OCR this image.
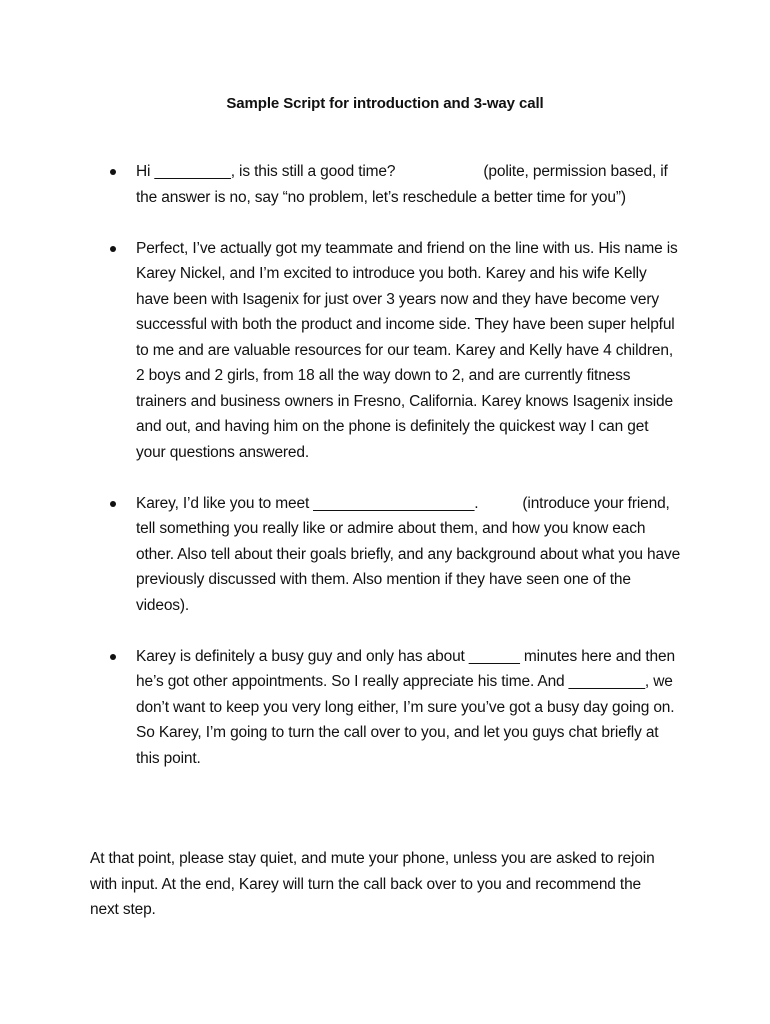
Sample Script for introduction and 3-way call
Hi _________, is this still a good time?	(polite, permission based, if the answer is no, say “no problem, let’s reschedule a better time for you”)
Perfect, I’ve actually got my teammate and friend on the line with us. His name is Karey Nickel, and I’m excited to introduce you both. Karey and his wife Kelly have been with Isagenix for just over 3 years now and they have become very successful with both the product and income side. They have been super helpful to me and are valuable resources for our team. Karey and Kelly have 4 children, 2 boys and 2 girls, from 18 all the way down to 2, and are currently fitness trainers and business owners in Fresno, California. Karey knows Isagenix inside and out, and having him on the phone is definitely the quickest way I can get your questions answered.
Karey, I’d like you to meet ___________________.	(introduce your friend, tell something you really like or admire about them, and how you know each other. Also tell about their goals briefly, and any background about what you have previously discussed with them. Also mention if they have seen one of the videos).
Karey is definitely a busy guy and only has about ______ minutes here and then he’s got other appointments. So I really appreciate his time. And _________, we don’t want to keep you very long either, I’m sure you’ve got a busy day going on. So Karey, I’m going to turn the call over to you, and let you guys chat briefly at this point.
At that point, please stay quiet, and mute your phone, unless you are asked to rejoin with input. At the end, Karey will turn the call back over to you and recommend the next step.
